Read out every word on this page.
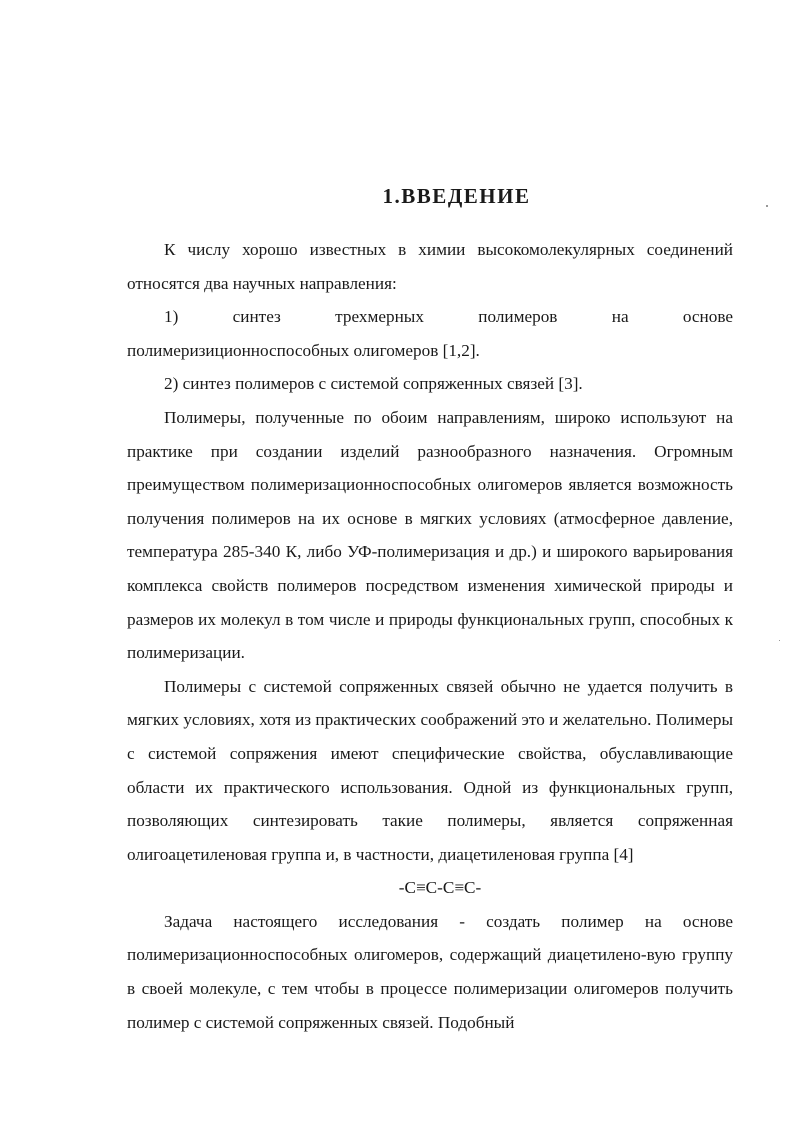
1.ВВЕДЕНИЕ

К числу хорошо известных в химии высокомолекулярных соединений относятся два научных направления:

1) синтез трехмерных полимеров на основе

полимеризиционноспособных олигомеров [1,2].

2) синтез полимеров с системой сопряженных связей [3].

Полимеры, полученные по обоим направлениям, широко используют на практике при создании изделий разнообразного назначения. Огромным преимуществом полимеризационноспособных олигомеров является возможность получения полимеров на их основе в мягких условиях (атмосферное давление, температура 285-340 К, либо УФ-полимеризация и др.) и широкого варьирования комплекса свойств полимеров посредством изменения химической природы и размеров их молекул в том числе и природы функциональных групп, способных к полимеризации.

Полимеры с системой сопряженных связей обычно не удается получить в мягких условиях, хотя из практических соображений это и желательно. Полимеры с системой сопряжения имеют специфические свойства, обуславливающие области их практического использования. Одной из функциональных групп, позволяющих синтезировать такие полимеры, является сопряженная олигоацетиленовая группа и, в частности, диацетиленовая группа [4]

-C≡C-C≡C-

Задача настоящего исследования - создать полимер на основе полимеризационноспособных олигомеров, содержащий диацетилено-вую группу в своей молекуле, с тем чтобы в процессе полимеризации олигомеров получить полимер с системой сопряженных связей. Подобный
